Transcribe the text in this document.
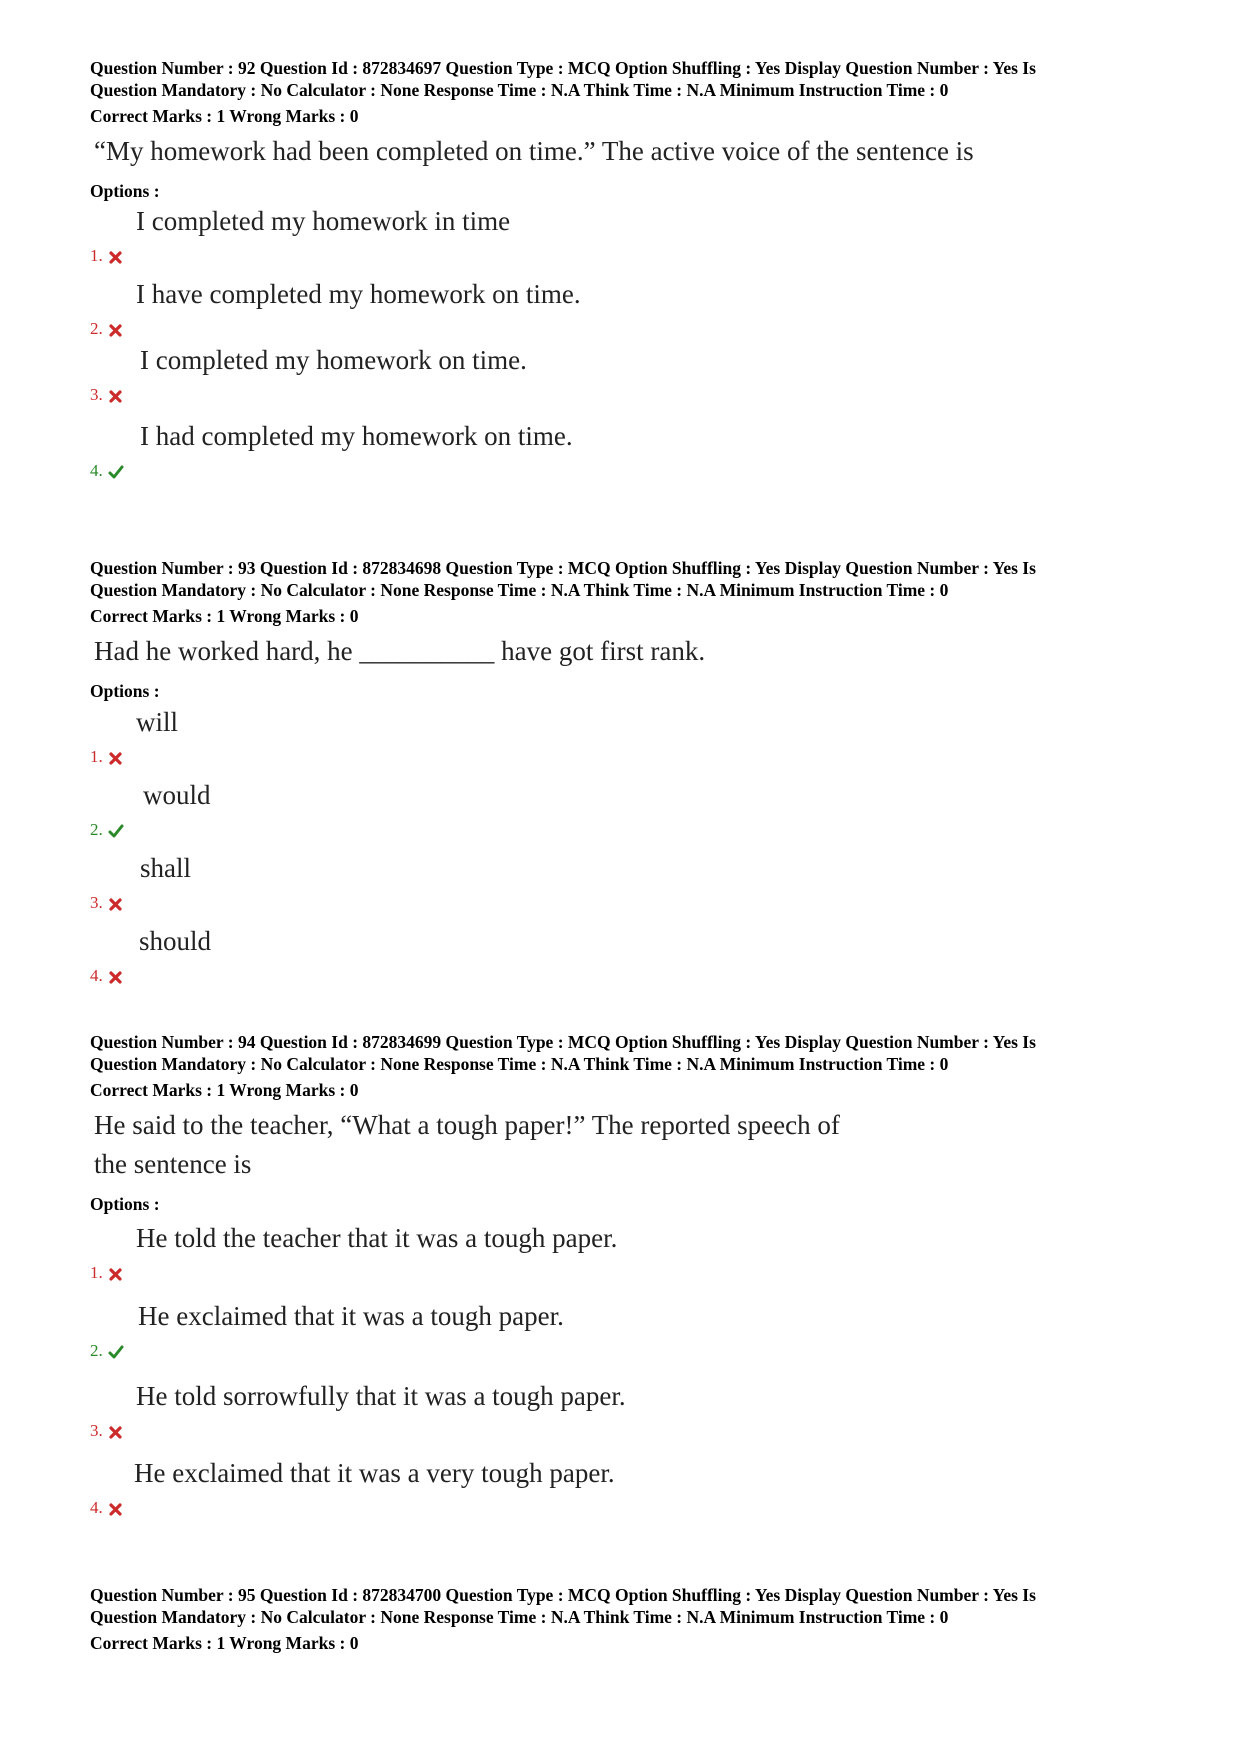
Question Number : 92 Question Id : 872834697 Question Type : MCQ Option Shuffling : Yes Display Question Number : Yes Is

Question Mandatory : No Calculator : None Response Time : N.A Think Time : N.A Minimum Instruction Time : 0

Correct Marks : 1 Wrong Marks : 0

“My homework had been completed on time.” The active voice of the sentence is

Options :

1.
I completed my homework in time
2.
I have completed my homework on time.
3.
I completed my homework on time.
4.
I had completed my homework on time.

Question Number : 93 Question Id : 872834698 Question Type : MCQ Option Shuffling : Yes Display Question Number : Yes Is

Question Mandatory : No Calculator : None Response Time : N.A Think Time : N.A Minimum Instruction Time : 0

Correct Marks : 1 Wrong Marks : 0

Had he worked hard, he __________ have got first rank.

Options :

1.
will
2.
would
3.
shall
4.
should

Question Number : 94 Question Id : 872834699 Question Type : MCQ Option Shuffling : Yes Display Question Number : Yes Is

Question Mandatory : No Calculator : None Response Time : N.A Think Time : N.A Minimum Instruction Time : 0

Correct Marks : 1 Wrong Marks : 0

He said to the teacher, “What a tough paper!” The reported speech of

the sentence is

Options :

1.
He told the teacher that it was a tough paper.
2.
He exclaimed that it was a tough paper.
3.
He told sorrowfully that it was a tough paper.
4.
He exclaimed that it was a very tough paper.

Question Number : 95 Question Id : 872834700 Question Type : MCQ Option Shuffling : Yes Display Question Number : Yes Is

Question Mandatory : No Calculator : None Response Time : N.A Think Time : N.A Minimum Instruction Time : 0

Correct Marks : 1 Wrong Marks : 0
